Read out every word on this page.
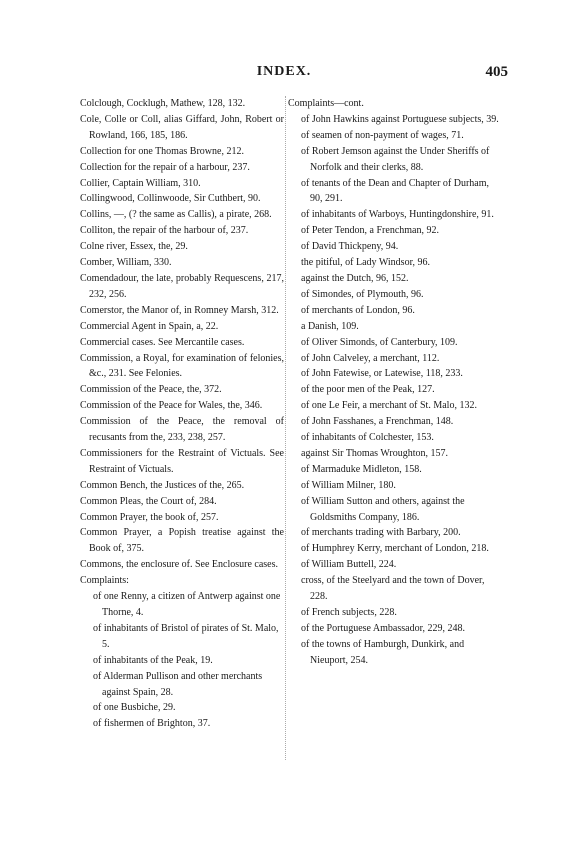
INDEX.	405

Colclough, Cocklugh, Mathew, 128, 132.

Cole, Colle or Coll, alias Giffard, John, Robert or Rowland, 166, 185, 186.

Collection for one Thomas Browne, 212.

Collection for the repair of a harbour, 237.

Collier, Captain William, 310.

Collingwood, Collinwoode, Sir Cuthbert, 90.

Collins, —, (? the same as Callis), a pirate, 268.

Colliton, the repair of the harbour of, 237.

Colne river, Essex, the, 29.

Comber, William, 330.

Comendadour, the late, probably Requescens, 217, 232, 256.

Comerstor, the Manor of, in Romney Marsh, 312.

Commercial Agent in Spain, a, 22.

Commercial cases. See Mercantile cases.

Commission, a Royal, for examination of felonies, &c., 231. See Felonies.

Commission of the Peace, the, 372.

Commission of the Peace for Wales, the, 346.

Commission of the Peace, the removal of recusants from the, 233, 238, 257.

Commissioners for the Restraint of Victuals. See Restraint of Victuals.

Common Bench, the Justices of the, 265.

Common Pleas, the Court of, 284.

Common Prayer, the book of, 257.

Common Prayer, a Popish treatise against the Book of, 375.

Commons, the enclosure of. See Enclosure cases.

Complaints:

of one Renny, a citizen of Antwerp against one Thorne, 4.

of inhabitants of Bristol of pirates of St. Malo, 5.

of inhabitants of the Peak, 19.

of Alderman Pullison and other merchants against Spain, 28.

of one Busbiche, 29.

of fishermen of Brighton, 37.

Complaints—cont.

of John Hawkins against Portuguese subjects, 39.

of seamen of non-payment of wages, 71.

of Robert Jemson against the Under Sheriffs of Norfolk and their clerks, 88.

of tenants of the Dean and Chapter of Durham, 90, 291.

of inhabitants of Warboys, Huntingdonshire, 91.

of Peter Tendon, a Frenchman, 92.

of David Thickpeny, 94.

the pitiful, of Lady Windsor, 96.

against the Dutch, 96, 152.

of Simondes, of Plymouth, 96.

of merchants of London, 96.

a Danish, 109.

of Oliver Simonds, of Canterbury, 109.

of John Calveley, a merchant, 112.

of John Fatewise, or Latewise, 118, 233.

of the poor men of the Peak, 127.

of one Le Feir, a merchant of St. Malo, 132.

of John Fasshanes, a Frenchman, 148.

of inhabitants of Colchester, 153.

against Sir Thomas Wroughton, 157.

of Marmaduke Midleton, 158.

of William Milner, 180.

of William Sutton and others, against the Goldsmiths Company, 186.

of merchants trading with Barbary, 200.

of Humphrey Kerry, merchant of London, 218.

of William Buttell, 224.

cross, of the Steelyard and the town of Dover, 228.

of French subjects, 228.

of the Portuguese Ambassador, 229, 248.

of the towns of Hamburgh, Dunkirk, and Nieuport, 254.
